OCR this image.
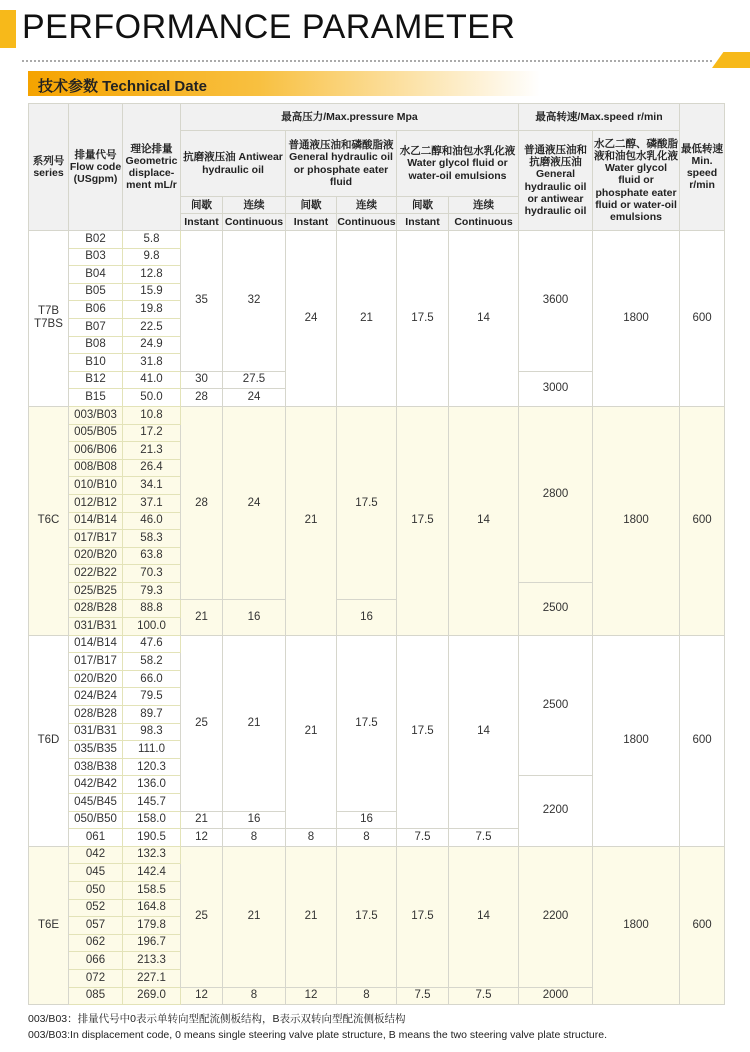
PERFORMANCE PARAMETER
技术参数 Technical Date
系列号 series	排量代号 Flow code (USgpm)	理论排量 Geometric displace-ment mL/r	最高压力/Max.pressure Mpa						最高转速/Max.speed r/min		最低转速 Min. speed r/min
			抗磨液压油 Antiwear hydraulic oil		普通液压油和磷酸脂液 General hydraulic oil or phosphate eater fluid		水乙二醇和油包水乳化液 Water glycol fluid or water-oil emulsions		普通液压油和抗磨液压油 General hydraulic oil or antiwear hydraulic oil	水乙二醇、磷酸脂液和油包水乳化液 Water glycol fluid or phosphate eater fluid or water-oil emulsions	
			间歇	连续	间歇	连续	间歇	连续			
			Instant	Continuous	Instant	Continuous	Instant	Continuous			
T7B T7BS	B02	5.8	35	32	24	21	17.5	14	3600	1800	600
	B03	9.8									
	B04	12.8									
	B05	15.9									
	B06	19.8									
	B07	22.5									
	B08	24.9									
	B10	31.8									
	B12	41.0	30	27.5					3000		
	B15	50.0	28	24							
T6C	003/B03	10.8	28	24	21	17.5	17.5	14	2800	1800	600
	005/B05	17.2									
	006/B06	21.3									
	008/B08	26.4									
	010/B10	34.1									
	012/B12	37.1									
	014/B14	46.0									
	017/B17	58.3									
	020/B20	63.8									
	022/B22	70.3									
	025/B25	79.3							2500		
	028/B28	88.8	21	16		16					
	031/B31	100.0									
T6D	014/B14	47.6	25	21	21	17.5	17.5	14	2500	1800	600
	017/B17	58.2									
	020/B20	66.0									
	024/B24	79.5									
	028/B28	89.7									
	031/B31	98.3									
	035/B35	111.0									
	038/B38	120.3									
	042/B42	136.0							2200		
	045/B45	145.7									
	050/B50	158.0	21	16		16					
	061	190.5	12	8	8	8	7.5	7.5			
T6E	042	132.3	25	21	21	17.5	17.5	14	2200	1800	600
	045	142.4									
	050	158.5									
	052	164.8									
	057	179.8									
	062	196.7									
	066	213.3									
	072	227.1									
	085	269.0	12	8	12	8	7.5	7.5	2000		
003/B03：排量代号中0表示单转向型配流侧板结构，B表示双转向型配流侧板结构
003/B03:In displacement code, 0 means single steering valve plate structure, B means the two steering valve plate structure.
